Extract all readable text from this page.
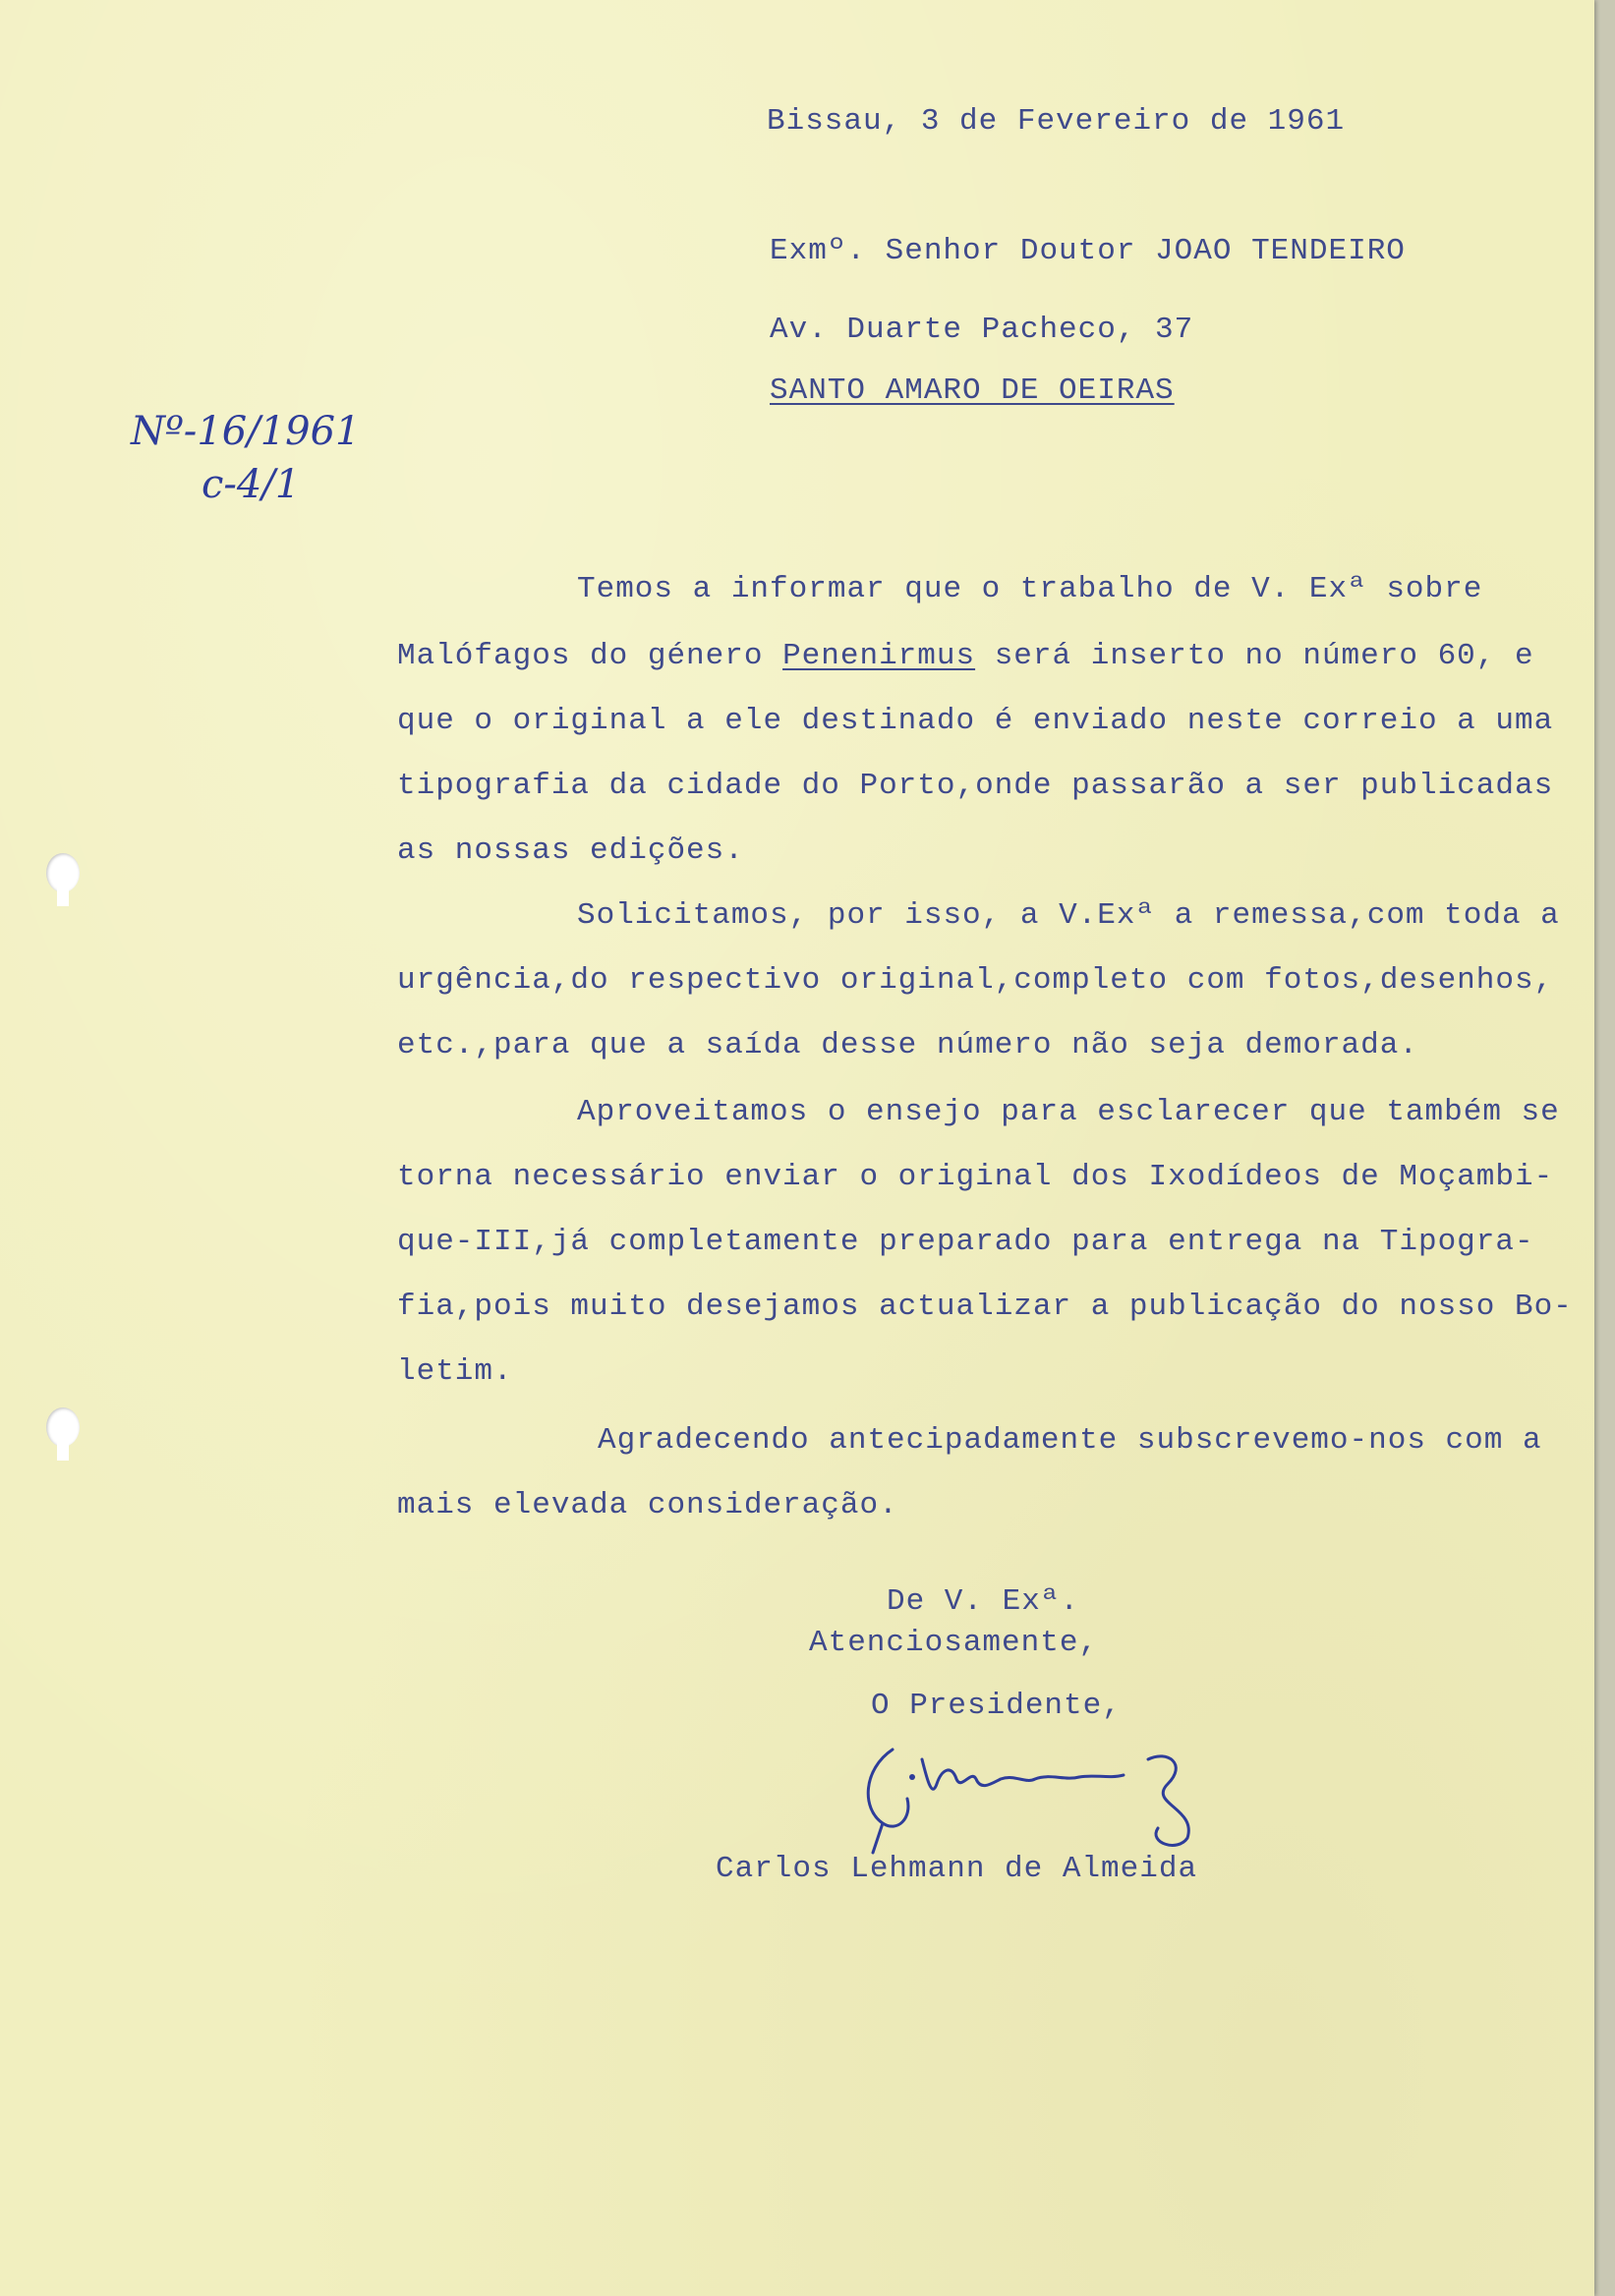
Bissau, 3 de Fevereiro de 1961
Exmº. Senhor Doutor JOAO TENDEIRO
Av. Duarte Pacheco, 37
SANTO AMARO DE OEIRAS
Nº-16/1961
c-4/1
Temos a informar que o trabalho de V. Exª sobre
Malófagos do género Penenirmus será inserto no número 60, e
que o original a ele destinado é enviado neste correio a uma
tipografia da cidade do Porto,onde passarão a ser publicadas
as nossas edições.
Solicitamos, por isso, a V.Exª a remessa,com toda a
urgência,do respectivo original,completo com fotos,desenhos,
etc.,para que a saída desse número não seja demorada.
Aproveitamos o ensejo para esclarecer que também se
torna necessário enviar o original dos Ixodídeos de Moçambi-
que-III,já completamente preparado para entrega na Tipogra-
fia,pois muito desejamos actualizar a publicação do nosso Bo-
letim.
Agradecendo antecipadamente subscrevemo-nos com a
mais elevada consideração.
De V. Exª.
Atenciosamente,
O Presidente,
Carlos Lehmann de Almeida
